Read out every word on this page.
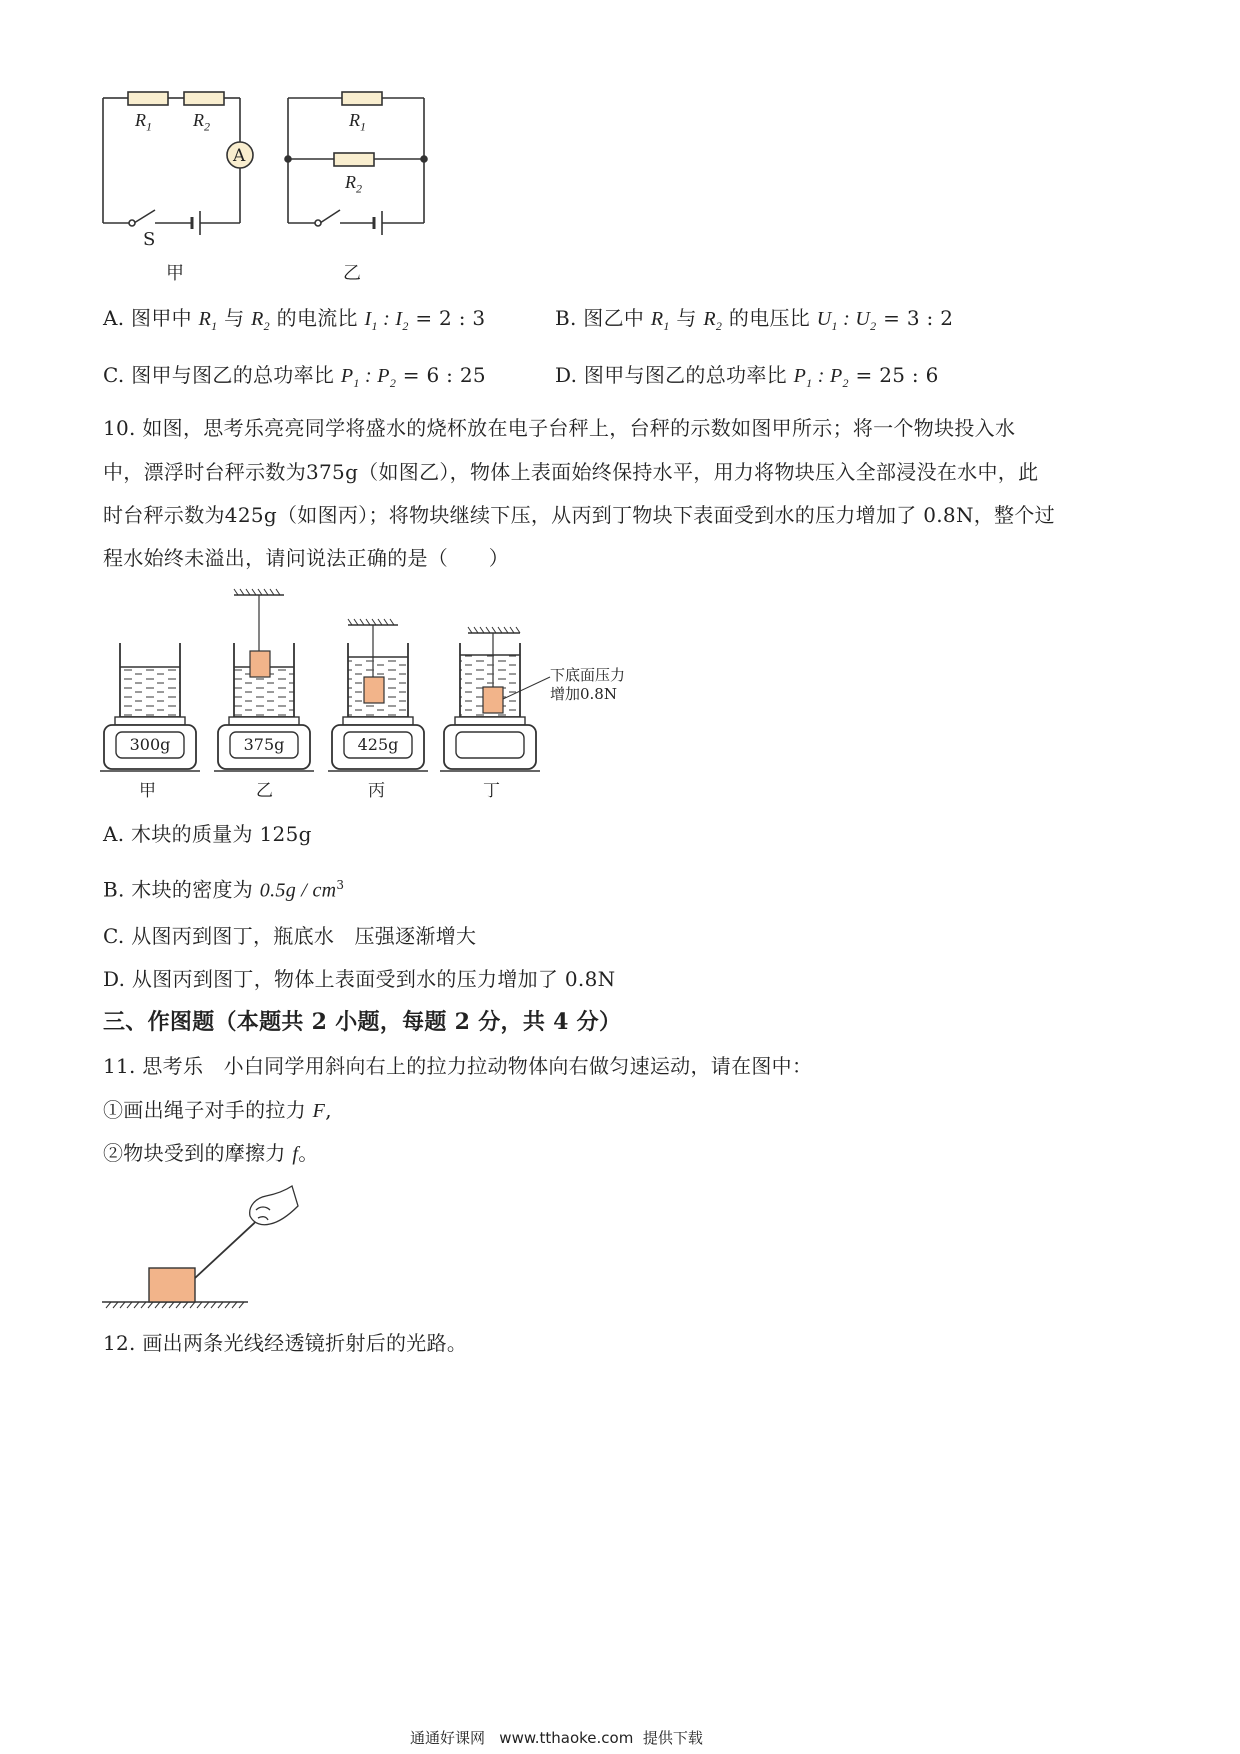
$R_1$ $R_2$
A
S
$R_1$
$R_2$
甲	乙
A. 图甲中 $R_1$ 与 $R_2$ 的电流比 $I_1$ : $I_2 = 2$ : 3	B. 图乙中 $R_1$ 与 $R_2$ 的电压比 $U_1$ : $U_2 = 3$ : 2
C. 图甲与图乙的总功率比 $P_1$ : $P_2 = 6$ : 25	D. 图甲与图乙的总功率比 $P_1$ : $P_2 = 25$ : 6
10. 如图，思考乐亮亮同学将盛水的烧杯放在电子台秤上，台秤的示数如图甲所示；将一个物块投入水
中，漂浮时台秤示数为375g（如图乙），物体上表面始终保持水平，用力将物块压入全部浸没在水中，此
时台秤示数为425g（如图丙）；将物块继续下压，从丙到丁物块下表面受到水的压力增加了 0.8N，整个过
程水始终未溢出，请问说法正确的是（　　）
300g	375g	425g
下底面压力
增加0.8N
甲	乙	丙	丁
A. 木块的质量为 125g
B. 木块的密度为 $0.5g / cm^3$
C. 从图丙到图丁，瓶底水　压强逐渐增大
D. 从图丙到图丁，物体上表面受到水的压力增加了 0.8N
三、作图题（本题共 2 小题，每题 2 分，共 4 分）
11. 思考乐　小白同学用斜向右上的拉力拉动物体向右做匀速运动，请在图中：
①画出绳子对手的拉力 F,
②物块受到的摩擦力 f。
12. 画出两条光线经透镜折射后的光路。
通通好课网   www.tthaoke.com  提供下载
